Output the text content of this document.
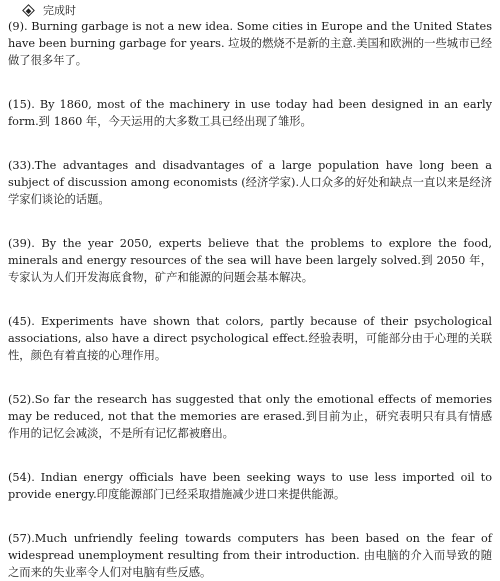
完成时

(9). Burning garbage is not a new idea. Some cities in Europe and the United States have been burning garbage for years. 垃圾的燃烧不是新的主意.美国和欧洲的一些城市已经做了很多年了。

(15). By 1860, most of the machinery in use today had been designed in an early form.到 1860 年，今天运用的大多数工具已经出现了雏形。

(33).The advantages and disadvantages of a large population have long been a subject of discussion among economists (经济学家).人口众多的好处和缺点一直以来是经济学家们谈论的话题。

(39). By the year 2050, experts believe that the problems to explore the food, minerals and energy resources of the sea will have been largely solved.到 2050 年，专家认为人们开发海底食物，矿产和能源的问题会基本解决。

(45). Experiments have shown that colors, partly because of their psychological associations, also have a direct psychological effect.经验表明，可能部分由于心理的关联性，颜色有着直接的心理作用。

(52).So far the research has suggested that only the emotional effects of memories may be reduced, not that the memories are erased.到目前为止，研究表明只有具有情感作用的记忆会减淡，不是所有记忆都被磨出。

(54). Indian energy officials have been seeking ways to use less imported oil to provide energy.印度能源部门已经采取措施减少进口来提供能源。

(57).Much unfriendly feeling towards computers has been based on the fear of widespread unemployment resulting from their introduction. 由电脑的介入而导致的随之而来的失业率令人们对电脑有些反感。
